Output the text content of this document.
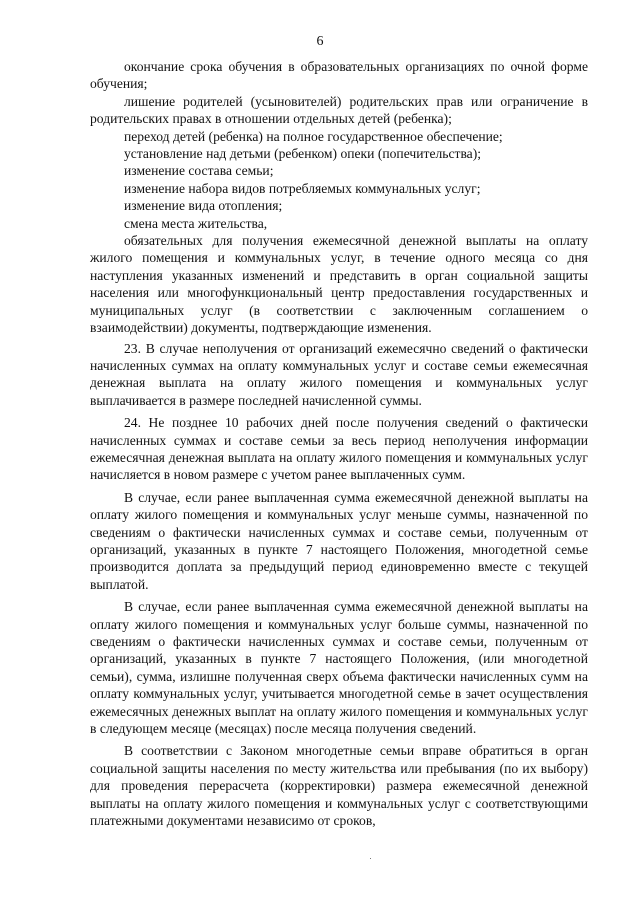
6

окончание срока обучения в образовательных организациях по очной форме обучения;

лишение родителей (усыновителей) родительских прав или ограничение в родительских правах в отношении отдельных детей (ребенка);

переход детей (ребенка) на полное государственное обеспечение;

установление над детьми (ребенком) опеки (попечительства);

изменение состава семьи;

изменение набора видов потребляемых коммунальных услуг;

изменение вида отопления;

смена места жительства,

обязательных для получения ежемесячной денежной выплаты на оплату жилого помещения и коммунальных услуг, в течение одного месяца со дня наступления указанных изменений и представить в орган социальной защиты населения или многофункциональный центр предоставления государственных и муниципальных услуг (в соответствии с заключенным соглашением о взаимодействии) документы, подтверждающие изменения.

23. В случае неполучения от организаций ежемесячно сведений о фактически начисленных суммах на оплату коммунальных услуг и составе семьи ежемесячная денежная выплата на оплату жилого помещения и коммунальных услуг выплачивается в размере последней начисленной суммы.

24. Не позднее 10 рабочих дней после получения сведений о фактически начисленных суммах и составе семьи за весь период неполучения информации ежемесячная денежная выплата на оплату жилого помещения и коммунальных услуг начисляется в новом размере с учетом ранее выплаченных сумм.

В случае, если ранее выплаченная сумма ежемесячной денежной выплаты на оплату жилого помещения и коммунальных услуг меньше суммы, назначенной по сведениям о фактически начисленных суммах и составе семьи, полученным от организаций, указанных в пункте 7 настоящего Положения, многодетной семье производится доплата за предыдущий период единовременно вместе с текущей выплатой.

В случае, если ранее выплаченная сумма ежемесячной денежной выплаты на оплату жилого помещения и коммунальных услуг больше суммы, назначенной по сведениям о фактически начисленных суммах и составе семьи, полученным от организаций, указанных в пункте 7 настоящего Положения, (или многодетной семьи), сумма, излишне полученная сверх объема фактически начисленных сумм на оплату коммунальных услуг, учитывается многодетной семье в зачет осуществления ежемесячных денежных выплат на оплату жилого помещения и коммунальных услуг в следующем месяце (месяцах) после месяца получения сведений.

В соответствии с Законом многодетные семьи вправе обратиться в орган социальной защиты населения по месту жительства или пребывания (по их выбору) для проведения перерасчета (корректировки) размера ежемесячной денежной выплаты на оплату жилого помещения и коммунальных услуг с соответствующими платежными документами независимо от сроков,
